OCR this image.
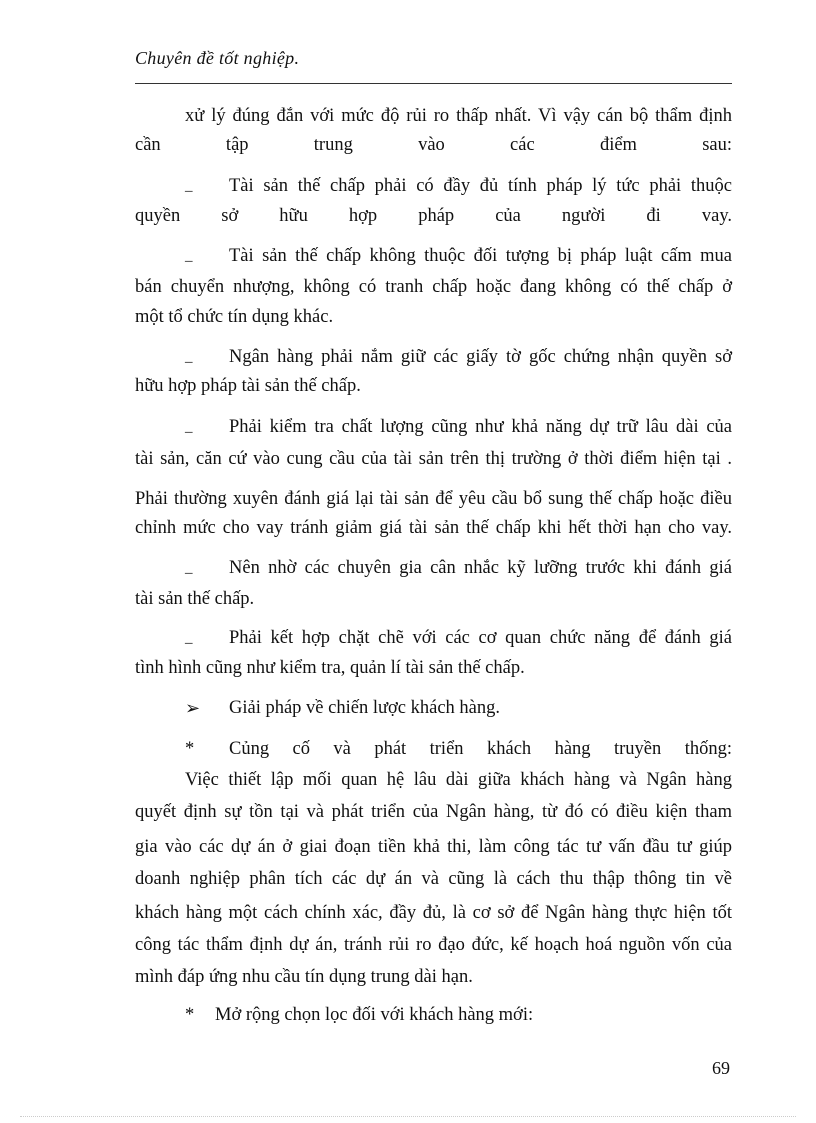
Chuyên đề tốt nghiệp.
xử lý đúng đắn với mức độ rủi ro thấp nhất. Vì vậy cán bộ thẩm định
cần tập trung vào các điểm sau:
_	Tài sản thế chấp phải có đầy đủ tính pháp lý tức phải thuộc
quyền sở hữu hợp pháp của người đi vay.
_	Tài sản thế chấp không thuộc đối tượng bị pháp luật cấm mua
bán chuyển nhượng, không có tranh chấp hoặc đang không có thế chấp ở
một tổ chức tín dụng khác.
_	Ngân hàng phải nắm giữ các giấy tờ gốc chứng nhận quyền sở
hữu hợp pháp tài sản thế chấp.
_	Phải kiểm tra chất lượng cũng như khả năng dự trữ lâu dài của
tài sản, căn cứ vào cung cầu của tài sản trên thị trường ở thời điểm hiện tại .
Phải thường xuyên đánh giá lại tài sản để yêu cầu bổ sung thế chấp hoặc điều
chỉnh mức cho vay tránh giảm giá tài sản thế chấp khi hết thời hạn cho vay.
_	Nên nhờ các chuyên gia cân nhắc kỹ lưỡng trước khi đánh giá
tài sản thế chấp.
_	Phải kết hợp chặt chẽ với các cơ quan chức năng để đánh giá
tình hình cũng như kiểm tra, quản lí tài sản thế chấp.
➢ Giải pháp về chiến lược khách hàng.
*	Củng cố và phát triển khách hàng truyền thống:
Việc thiết lập mối quan hệ lâu dài giữa khách hàng và Ngân hàng
quyết định sự tồn tại và phát triển của Ngân hàng, từ đó có điều kiện tham
gia vào các dự án ở giai đoạn tiền khả thi, làm công tác tư vấn đầu tư giúp
doanh nghiệp phân tích các dự án và cũng là cách thu thập thông tin về
khách hàng một cách chính xác, đầy đủ, là cơ sở để Ngân hàng thực hiện tốt
công tác thẩm định dự án, tránh rủi ro đạo đức, kế hoạch hoá nguồn vốn của
mình đáp ứng nhu cầu tín dụng trung dài hạn.
*	Mở rộng chọn lọc đối với khách hàng mới:
69
